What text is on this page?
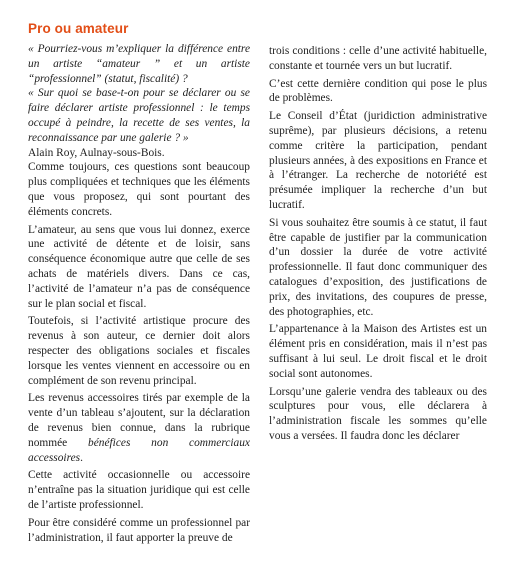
Pro ou amateur

« Pourriez-vous m’expliquer la différence entre un artiste “amateur ” et un artiste “professionnel” (statut, fiscalité) ?

« Sur quoi se base-t-on pour se déclarer ou se faire déclarer artiste professionnel : le temps occupé à peindre, la recette de ses ventes, la reconnaissance par une galerie ? »

Alain Roy, Aulnay-sous-Bois.

Comme toujours, ces questions sont beaucoup plus compliquées et techniques que les éléments que vous proposez, qui sont pourtant des éléments concrets.

L’amateur, au sens que vous lui donnez, exerce une activité de détente et de loisir, sans conséquence économique autre que celle de ses achats de matériels divers. Dans ce cas, l’activité de l’amateur n’a pas de conséquence sur le plan social et fiscal.

Toutefois, si l’activité artistique procure des revenus à son auteur, ce dernier doit alors respecter des obligations sociales et fiscales lorsque les ventes viennent en accessoire ou en complément de son revenu principal.

Les revenus accessoires tirés par exemple de la vente d’un tableau s’ajoutent, sur la déclaration de revenus bien connue, dans la rubrique nommée bénéfices non commerciaux accessoires.

Cette activité occasionnelle ou accessoire n’entraîne pas la situation juridique qui est celle de l’artiste professionnel.

Pour être considéré comme un professionnel par l’administration, il faut apporter la preuve de

trois conditions : celle d’une activité habituelle, constante et tournée vers un but lucratif.

C’est cette dernière condition qui pose le plus de problèmes.

Le Conseil d’État (juridiction administrative suprême), par plusieurs décisions, a retenu comme critère la participation, pendant plusieurs années, à des expositions en France et à l’étranger. La recherche de notoriété est présumée impliquer la recherche d’un but lucratif.

Si vous souhaitez être soumis à ce statut, il faut être capable de justifier par la communication d’un dossier la durée de votre activité professionnelle. Il faut donc communiquer des catalogues d’exposition, des justifications de prix, des invitations, des coupures de presse, des photographies, etc.

L’appartenance à la Maison des Artistes est un élément pris en considération, mais il n’est pas suffisant à lui seul. Le droit fiscal et le droit social sont autonomes.

Lorsqu’une galerie vendra des tableaux ou des sculptures pour vous, elle déclarera à l’administration fiscale les sommes qu’elle vous a versées. Il faudra donc les déclarer
